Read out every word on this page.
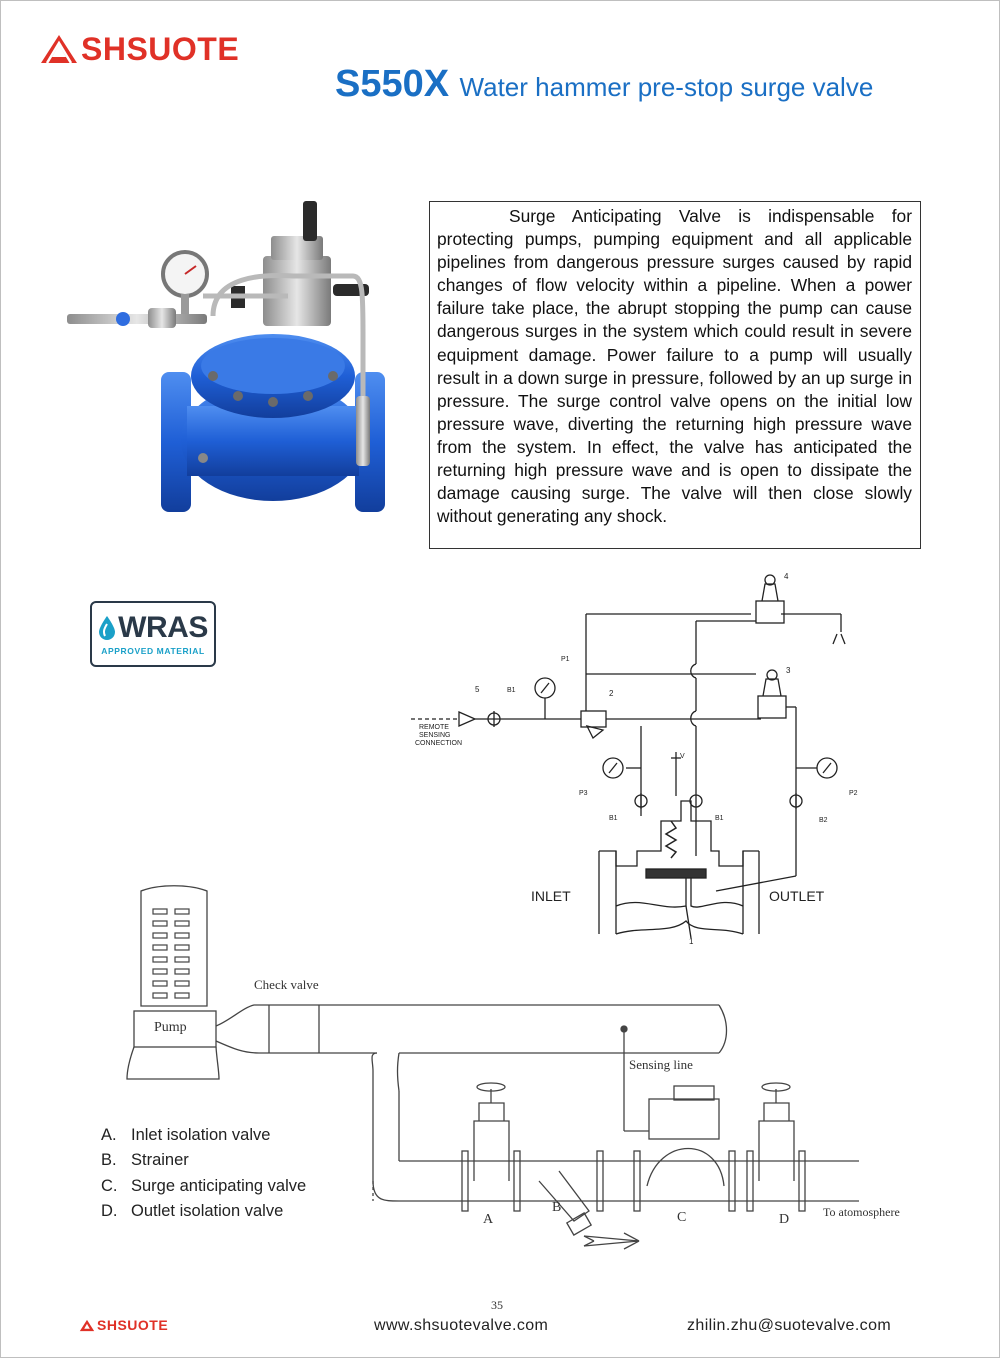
SHSUOTE
S550X Water hammer pre-stop surge valve

Surge Anticipating Valve is indispensable for protecting pumps, pumping equipment and all applicable pipelines from dangerous pressure surges caused by rapid changes of flow velocity within a pipeline. When a power failure take place, the abrupt stopping the pump can cause dangerous surges in the system which could result in severe equipment damage. Power failure to a pump will usually result in a down surge in pressure, followed by an up surge in pressure. The surge control valve opens on the initial low pressure wave, diverting the returning high pressure wave from the system. In effect, the valve has anticipated the returning high pressure wave and is open to dissipate the damage causing surge. The valve will then close slowly without generating any shock.

WRAS
APPROVED MATERIAL
REMOTE
SENSING
CONNECTION
INLET	OUTLET
1
2
3
4
5	B1
B1	B1	B2
P1
P2
P3
V
Pump
Check valve
Sensing line
To atomosphere
A
B
C	D
A. Inlet isolation valve
B. Strainer
C. Surge anticipating valve
D. Outlet isolation valve
35
SHSUOTE	www.shsuotevalve.com	zhilin.zhu@suotevalve.com
